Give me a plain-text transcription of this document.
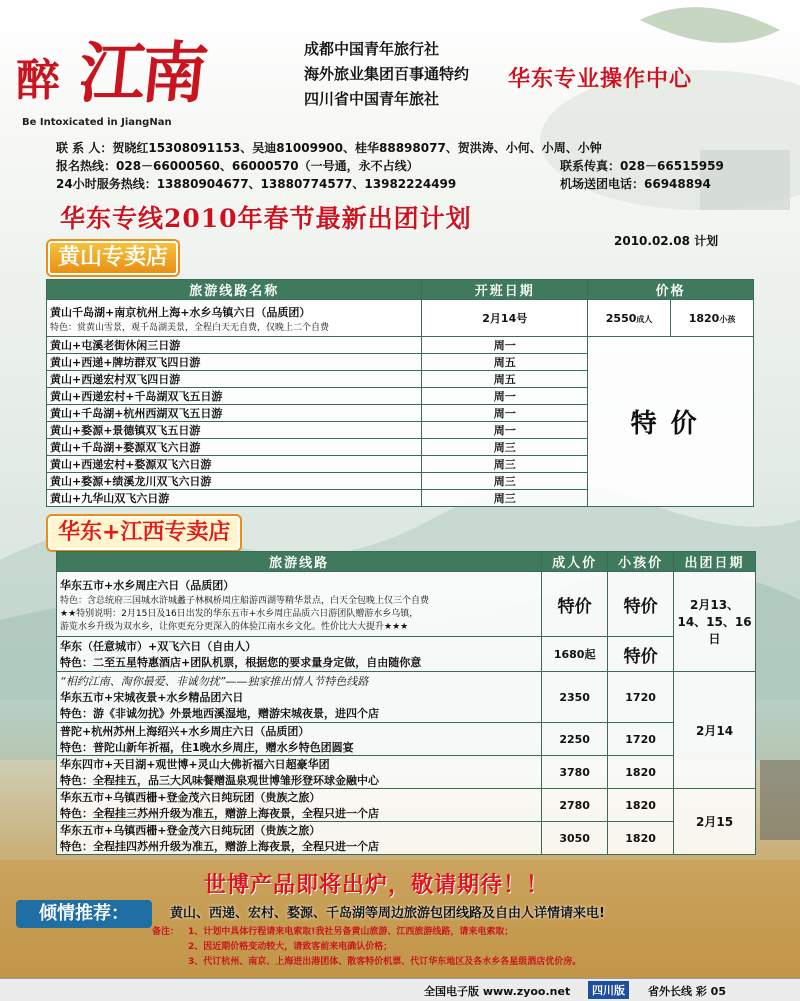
江南
醉
Be Intoxicated in JiangNan
成都中国青年旅行社
海外旅业集团百事通特约
四川省中国青年旅社
华东专业操作中心
联 系 人：贺晓红15308091153、吴迪81009900、桂华88898077、贺洪涛、小何、小周、小钟
报名热线：028－66000560、66000570（一号通，永不占线）	联系传真：028－66515959
24小时服务热线：13880904677、13880774577、13982224499	机场送团电话：66948894
华东专线2010年春节最新出团计划
2010.02.08 计划
黄山专卖店
旅游线路名称	开班日期	价格	

黄山千岛湖+南京杭州上海+水乡乌镇六日（品质团）
特色：赏黄山雪景，观千岛湖美景，全程白天无自费，仅晚上二个自费	2月14号	2550成人	1820小孩
黄山+屯溪老街休闲三日游	周一	特价	
黄山+西递+牌坊群双飞四日游	周五		
黄山+西递宏村双飞四日游	周五		
黄山+西递宏村+千岛湖双飞五日游	周一		
黄山+千岛湖+杭州西湖双飞五日游	周一		
黄山+婺源+景德镇双飞五日游	周一		
黄山+千岛湖+婺源双飞六日游	周三		
黄山+西递宏村+婺源双飞六日游	周三		
黄山+婺源+绩溪龙川双飞六日游	周三		
黄山+九华山双飞六日游	周三		
华东+江西专卖店
旅游线路	成人价	小孩价	出团日期

华东五市+水乡周庄六日（品质团）
特色：含总统府三国城水浒城蠡子林枫桥周庄船游西湖等精华景点，白天全包晚上仅三个自费
★★特别说明：2月15日及16日出发的华东五市+水乡周庄品质六日游团队赠游水乡乌镇，
游览水乡升级为双水乡，让你更充分更深入的体验江南水乡文化。性价比大大提升★★★	特价	特价	2月13、14、15、16日

华东（任意城市）+双飞六日（自由人）
特色：二至五星特惠酒店+团队机票，根据您的要求量身定做，自由随你意	1680起	特价	

“相约江南、淘你最爱、非诚勿扰”——独家推出情人节特色线路
华东五市+宋城夜景+水乡精品团六日
特色：游《非诚勿扰》外景地西溪湿地，赠游宋城夜景，进四个店	2350	1720	2月14

普陀+杭州苏州上海绍兴+水乡周庄六日（品质团）
特色：普陀山新年祈福，住1晚水乡周庄，赠水乡特色团圆宴	2250	1720	

华东四市+天目湖+观世博+灵山大佛祈福六日超豪华团
特色：全程挂五，品三大风味餐赠温泉观世博雏形登环球金融中心	3780	1820	

华东五市+乌镇西栅+登金茂六日纯玩团（贵族之旅）
特色：全程挂三苏州升级为准五，赠游上海夜景，全程只进一个店	2780	1820	2月15

华东五市+乌镇西栅+登金茂六日纯玩团（贵族之旅）
特色：全程挂四苏州升级为准五，赠游上海夜景，全程只进一个店	3050	1820	
世博产品即将出炉，敬请期待！！
倾情推荐：	黄山、西递、宏村、婺源、千岛湖等周边旅游包团线路及自由人详情请来电!
备注： 1、计划中具体行程请来电索取!我社另备黄山旅游、江西旅游线路，请来电索取；
2、因近期价格变动较大，请致客前来电确认价格；
3、代订杭州、南京、上海进出港团体、散客特价机票、代订华东地区及各水乡各星级酒店优价房。
全国电子版 www.zyoo.net	四川版	省外长线 彩 05
